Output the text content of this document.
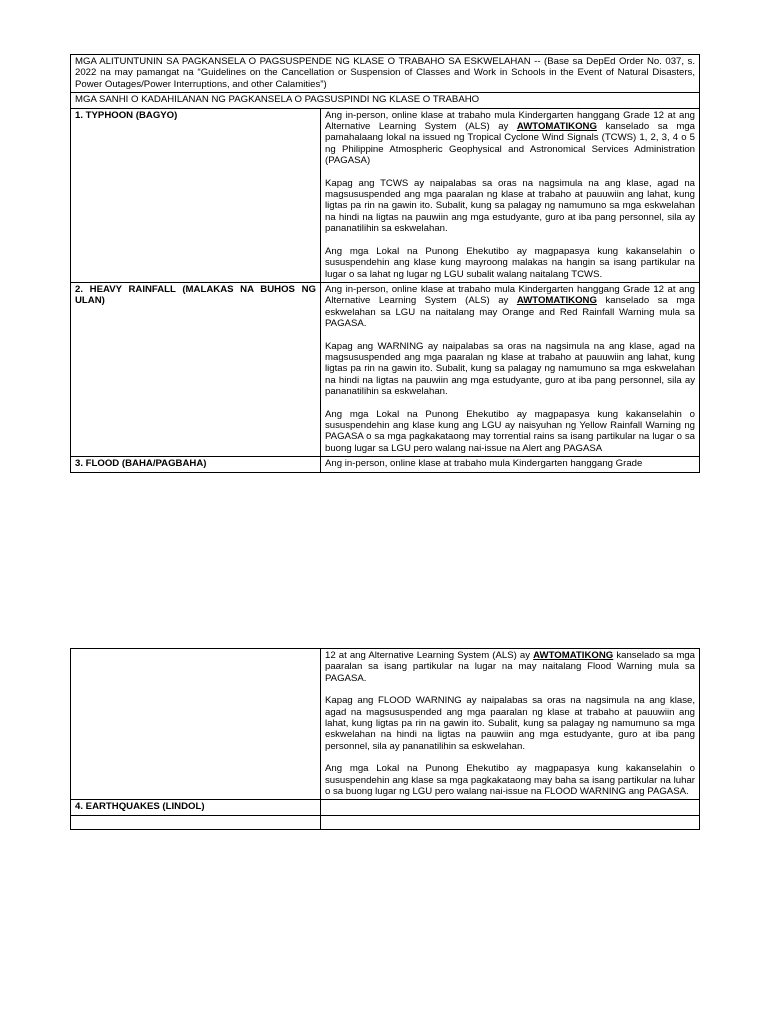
MGA ALITUNTUNIN SA PAGKANSELA O PAGSUSPENDE NG KLASE O TRABAHO SA ESKWELAHAN -- (Base sa DepEd Order No. 037, s. 2022 na may pamangat na “Guidelines on the Cancellation or Suspension of Classes and Work in Schools in the Event of Natural Disasters, Power Outages/Power Interruptions, and other Calamities”)	
MGA SANHI O KADAHILANAN NG PAGKANSELA O PAGSUSPINDI NG KLASE O TRABAHO	
1. TYPHOON (BAGYO)	Ang in-person, online klase at trabaho mula Kindergarten hanggang Grade 12 at ang Alternative Learning System (ALS) ay AWTOMATIKONG kanselado sa mga pamahalaang lokal na issued ng Tropical Cyclone Wind Signals (TCWS) 1, 2, 3, 4 o 5 ng Philippine Atmospheric Geophysical and Astronomical Services Administration (PAGASA)

Kapag ang TCWS ay naipalabas sa oras na nagsimula na ang klase, agad na magsususpended ang mga paaralan ng klase at trabaho at pauuwiin ang lahat, kung ligtas pa rin na gawin ito. Subalit, kung sa palagay ng namumuno sa mga eskwelahan na hindi na ligtas na pauwiin ang mga estudyante, guro at iba pang personnel, sila ay pananatilihin sa eskwelahan.

Ang mga Lokal na Punong Ehekutibo ay magpapasya kung kakanselahin o sususpendehin ang klase kung mayroong malakas na hangin sa isang partikular na lugar o sa lahat ng lugar ng LGU subalit walang naitalang TCWS.

2. HEAVY RAINFALL (MALAKAS NA BUHOS NG ULAN)	Ang in-person, online klase at trabaho mula Kindergarten hanggang Grade 12 at ang Alternative Learning System (ALS) ay AWTOMATIKONG kanselado sa mga eskwelahan sa LGU na naitalang may Orange and Red Rainfall Warning mula sa PAGASA.

Kapag ang WARNING ay naipalabas sa oras na nagsimula na ang klase, agad na magsususpended ang mga paaralan ng klase at trabaho at pauuwiin ang lahat, kung ligtas pa rin na gawin ito. Subalit, kung sa palagay ng namumuno sa mga eskwelahan na hindi na ligtas na pauwiin ang mga estudyante, guro at iba pang personnel, sila ay pananatilihin sa eskwelahan.

Ang mga Lokal na Punong Ehekutibo ay magpapasya kung kakanselahin o sususpendehin ang klase kung ang LGU ay naisyuhan ng Yellow Rainfall Warning ng PAGASA o sa mga pagkakataong may torrential rains sa isang partikular na lugar o sa buong lugar sa LGU pero walang nai-issue na Alert ang PAGASA

3. FLOOD (BAHA/PAGBAHA)	Ang in-person, online klase at trabaho mula Kindergarten hanggang Grade

	12 at ang Alternative Learning System (ALS) ay AWTOMATIKONG kanselado sa mga paaralan sa isang partikular na lugar na may naitalang Flood Warning mula sa PAGASA.

Kapag ang FLOOD WARNING ay naipalabas sa oras na nagsimula na ang klase, agad na magsususpended ang mga paaralan ng klase at trabaho at pauuwiin ang lahat, kung ligtas pa rin na gawin ito. Subalit, kung sa palagay ng namumuno sa mga eskwelahan na hindi na ligtas na pauwiin ang mga estudyante, guro at iba pang personnel, sila ay pananatilihin sa eskwelahan.

Ang mga Lokal na Punong Ehekutibo ay magpapasya kung kakanselahin o sususpendehin ang klase sa mga pagkakataong may baha sa isang partikular na luhar o sa buong lugar ng LGU pero walang nai-issue na FLOOD WARNING ang PAGASA.

4. EARTHQUAKES (LINDOL)	
